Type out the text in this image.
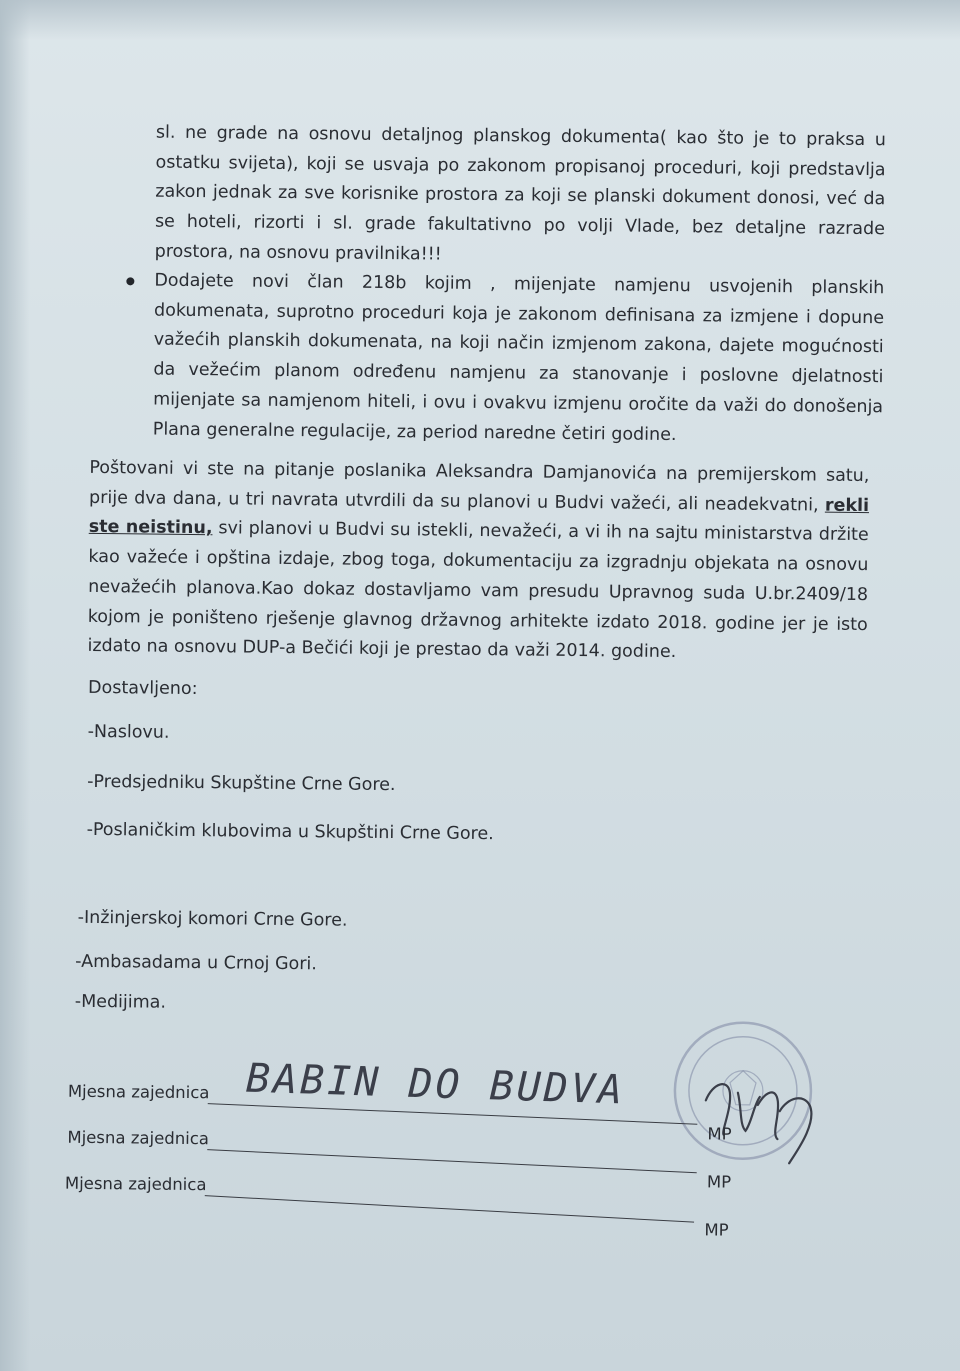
sl. ne grade na osnovu detaljnog planskog dokumenta( kao što je to praksa u ostatku svijeta), koji se usvaja po zakonom propisanoj proceduri, koji predstavlja zakon jednak za sve korisnike prostora za koji se planski dokument donosi, već da se hoteli, rizorti i sl. grade fakultativno po volji Vlade, bez detaljne razrade prostora, na osnovu pravilnika!!!

Dodajete novi član 218b kojim , mijenjate namjenu usvojenih planskih dokumenata, suprotno proceduri koja je zakonom definisana za izmjene i dopune važećih planskih dokumenata, na koji način izmjenom zakona, dajete mogućnosti da vežećim planom određenu namjenu za stanovanje i poslovne djelatnosti mijenjate sa namjenom hiteli, i ovu i ovakvu izmjenu oročite da važi do donošenja Plana generalne regulacije, za period naredne četiri godine.

Poštovani vi ste na pitanje poslanika Aleksandra Damjanovića na premijerskom satu, prije dva dana, u tri navrata utvrdili da su planovi u Budvi važeći, ali neadekvatni, rekli ste neistinu, svi planovi u Budvi su istekli, nevažeći, a vi ih na sajtu ministarstva držite kao važeće i opština izdaje, zbog toga, dokumentaciju za izgradnju objekata na osnovu nevažećih planova.Kao dokaz dostavljamo vam presudu Upravnog suda U.br.2409/18 kojom je poništeno rješenje glavnog državnog arhitekte izdato 2018. godine jer je isto izdato na osnovu DUP-a Bečići koji je prestao da važi 2014. godine.

Dostavljeno:

-Naslovu.

-Predsjedniku Skupštine Crne Gore.

-Poslaničkim klubovima u Skupštini Crne Gore.

-Inžinjerskoj komori Crne Gore.

-Ambasadama u Crnoj Gori.

-Medijima.

Mjesna zajednica BABIN DO BUDVA
MP
Mjesna zajednica
MP
Mjesna zajednica
MP
